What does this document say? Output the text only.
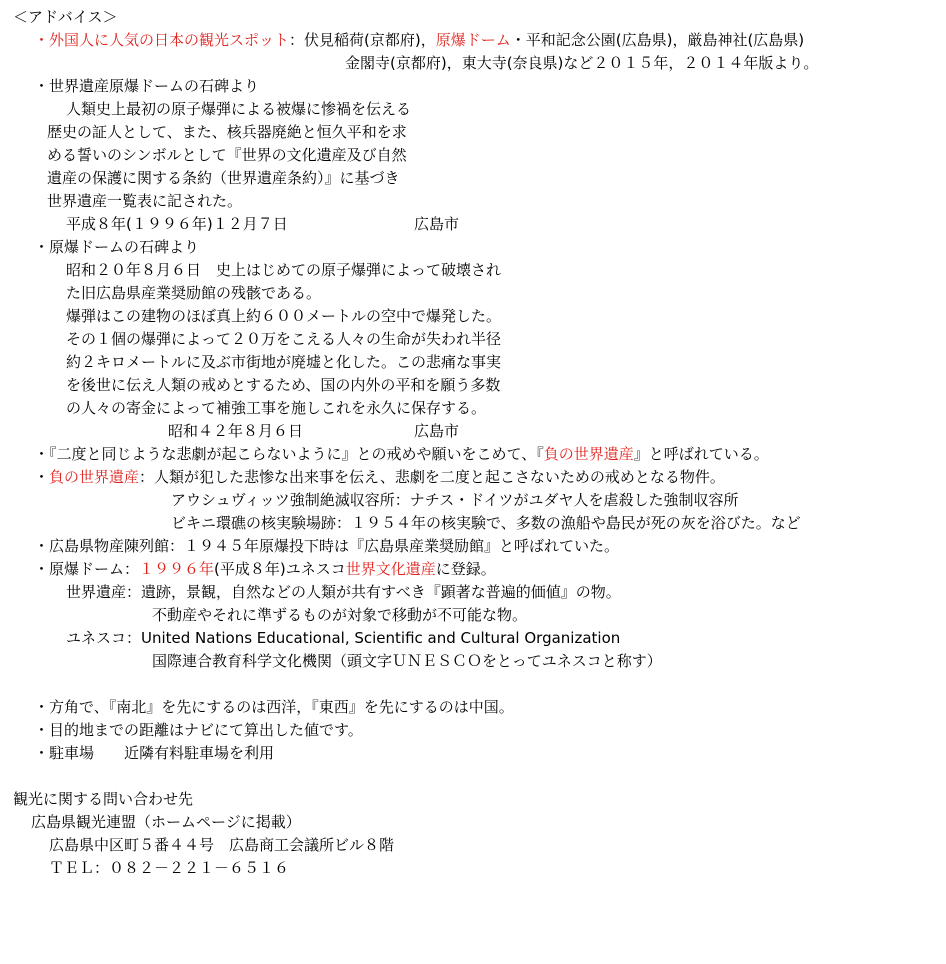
＜アドバイス＞
・外国人に人気の日本の観光スポット：伏見稲荷(京都府)，原爆ドーム・平和記念公園(広島県)，厳島神社(広島県)
金閣寺(京都府)，東大寺(奈良県)など２０１５年，２０１４年版より。
・世界遺産原爆ドームの石碑より
人類史上最初の原子爆弾による被爆に惨禍を伝える
歴史の証人として、また、核兵器廃絶と恒久平和を求
める誓いのシンボルとして『世界の文化遺産及び自然
遺産の保護に関する条約（世界遺産条約）』に基づき
世界遺産一覧表に記された。
平成８年(１９９６年)１２月７日	広島市
・原爆ドームの石碑より
昭和２０年８月６日　史上はじめての原子爆弾によって破壊され
た旧広島県産業奨励館の残骸である。
爆弾はこの建物のほぼ真上約６００メートルの空中で爆発した。
その１個の爆弾によって２０万をこえる人々の生命が失われ半径
約２キロメートルに及ぶ市街地が廃墟と化した。この悲痛な事実
を後世に伝え人類の戒めとするため、国の内外の平和を願う多数
の人々の寄金によって補強工事を施しこれを永久に保存する。
昭和４２年８月６日	広島市
・『二度と同じような悲劇が起こらないように』との戒めや願いをこめて、『負の世界遺産』と呼ばれている。
・負の世界遺産：人類が犯した悲惨な出来事を伝え、悲劇を二度と起こさないための戒めとなる物件。
アウシュヴィッツ強制絶滅収容所：ナチス・ドイツがユダヤ人を虐殺した強制収容所
ビキニ環礁の核実験場跡：１９５４年の核実験で、多数の漁船や島民が死の灰を浴びた。など
・広島県物産陳列館：１９４５年原爆投下時は『広島県産業奨励館』と呼ばれていた。
・原爆ドーム：１９９６年(平成８年)ユネスコ世界文化遺産に登録。
世界遺産：遺跡，景観，自然などの人類が共有すべき『顕著な普遍的価値』の物。
不動産やそれに準ずるものが対象で移動が不可能な物。
ユネスコ：United Nations Educational, Scientific and Cultural Organization
国際連合教育科学文化機関（頭文字ＵＮＥＳＣＯをとってユネスコと称す）
・方角で、『南北』を先にするのは西洋，『東西』を先にするのは中国。
・目的地までの距離はナビにて算出した値です。
・駐車場　　近隣有料駐車場を利用
観光に関する問い合わせ先
広島県観光連盟（ホームページに掲載）
広島県中区町５番４４号　広島商工会議所ビル８階
ＴＥＬ：０８２－２２１－６５１６
